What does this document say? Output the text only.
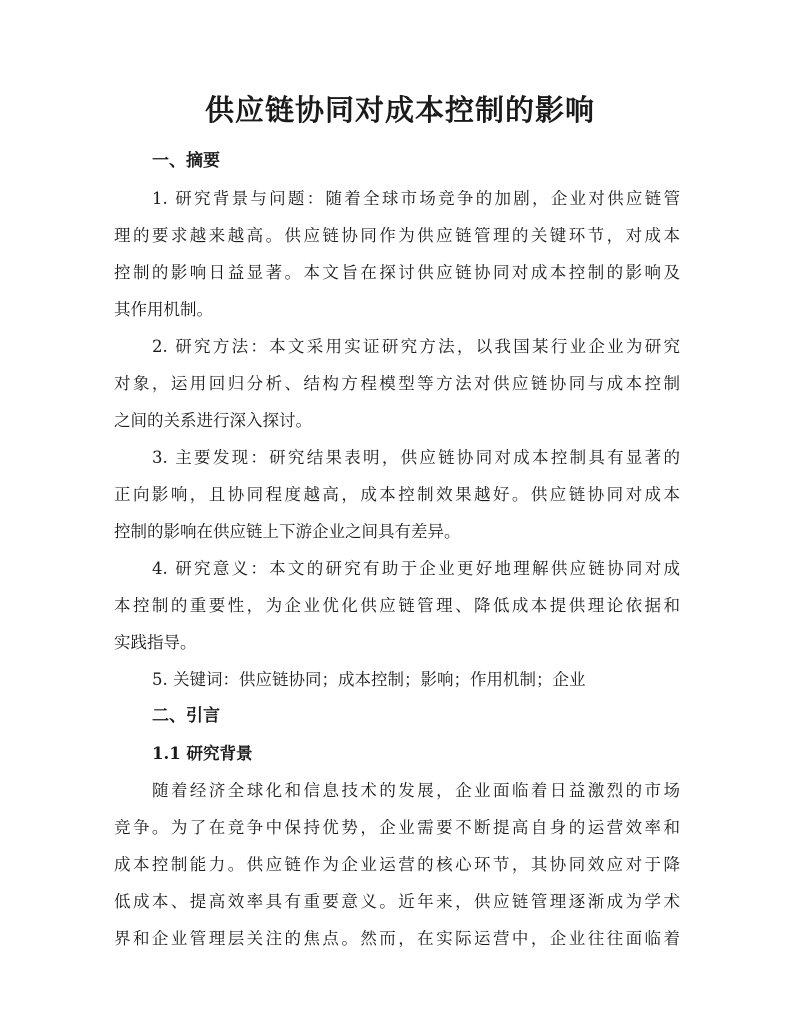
供应链协同对成本控制的影响
一、摘要

1. 研究背景与问题：随着全球市场竞争的加剧，企业对供应链管
理的要求越来越高。供应链协同作为供应链管理的关键环节，对成本
控制的影响日益显著。本文旨在探讨供应链协同对成本控制的影响及
其作用机制。

2. 研究方法：本文采用实证研究方法，以我国某行业企业为研究
对象，运用回归分析、结构方程模型等方法对供应链协同与成本控制
之间的关系进行深入探讨。

3. 主要发现：研究结果表明，供应链协同对成本控制具有显著的
正向影响，且协同程度越高，成本控制效果越好。供应链协同对成本
控制的影响在供应链上下游企业之间具有差异。

4. 研究意义：本文的研究有助于企业更好地理解供应链协同对成
本控制的重要性，为企业优化供应链管理、降低成本提供理论依据和
实践指导。

5. 关键词：供应链协同；成本控制；影响；作用机制；企业

二、引言
1.1 研究背景

随着经济全球化和信息技术的发展，企业面临着日益激烈的市场
竞争。为了在竞争中保持优势，企业需要不断提高自身的运营效率和
成本控制能力。供应链作为企业运营的核心环节，其协同效应对于降
低成本、提高效率具有重要意义。近年来，供应链管理逐渐成为学术
界和企业管理层关注的焦点。然而，在实际运营中，企业往往面临着
